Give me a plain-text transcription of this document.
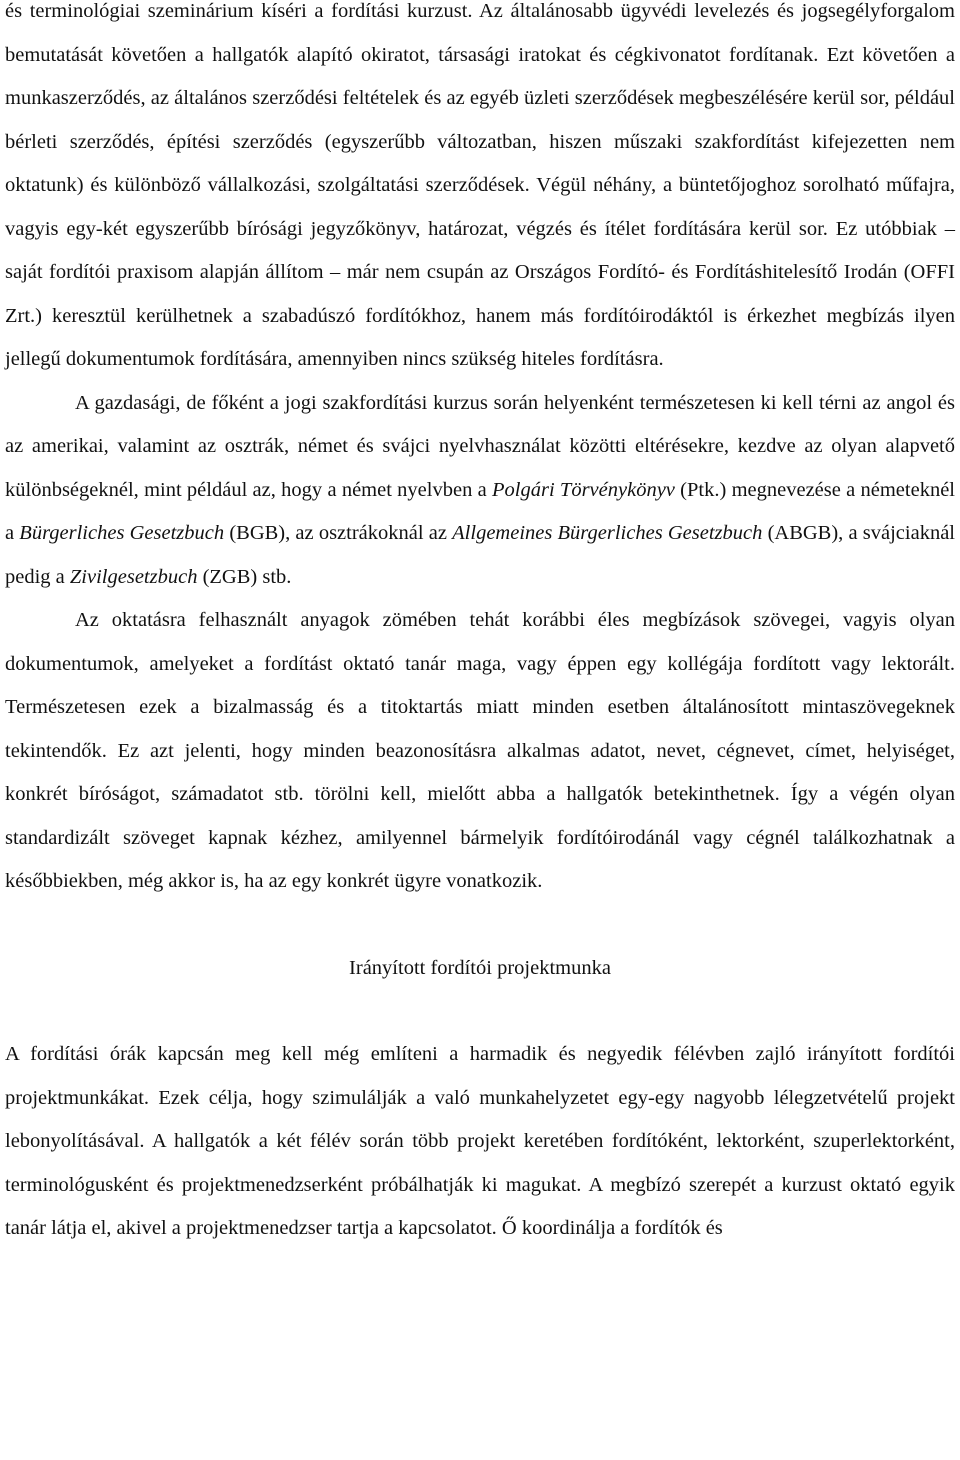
és terminológiai szeminárium kíséri a fordítási kurzust. Az általánosabb ügyvédi levelezés és jogsegélyforgalom bemutatását követően a hallgatók alapító okiratot, társasági iratokat és cégkivonatot fordítanak. Ezt követően a munkaszerződés, az általános szerződési feltételek és az egyéb üzleti szerződések megbeszélésére kerül sor, például bérleti szerződés, építési szerződés (egyszerűbb változatban, hiszen műszaki szakfordítást kifejezetten nem oktatunk) és különböző vállalkozási, szolgáltatási szerződések. Végül néhány, a büntetőjoghoz sorolható műfajra, vagyis egy-két egyszerűbb bírósági jegyzőkönyv, határozat, végzés és ítélet fordítására kerül sor. Ez utóbbiak – saját fordítói praxisom alapján állítom – már nem csupán az Országos Fordító- és Fordításhitelesítő Irodán (OFFI Zrt.) keresztül kerülhetnek a szabadúszó fordítókhoz, hanem más fordítóirodáktól is érkezhet megbízás ilyen jellegű dokumentumok fordítására, amennyiben nincs szükség hiteles fordításra.

A gazdasági, de főként a jogi szakfordítási kurzus során helyenként természetesen ki kell térni az angol és az amerikai, valamint az osztrák, német és svájci nyelvhasználat közötti eltérésekre, kezdve az olyan alapvető különbségeknél, mint például az, hogy a német nyelvben a Polgári Törvénykönyv (Ptk.) megnevezése a németeknél a Bürgerliches Gesetzbuch (BGB), az osztrákoknál az Allgemeines Bürgerliches Gesetzbuch (ABGB), a svájciaknál pedig a Zivilgesetzbuch (ZGB) stb.

Az oktatásra felhasznált anyagok zömében tehát korábbi éles megbízások szövegei, vagyis olyan dokumentumok, amelyeket a fordítást oktató tanár maga, vagy éppen egy kollégája fordított vagy lektorált. Természetesen ezek a bizalmasság és a titoktartás miatt minden esetben általánosított mintaszövegeknek tekintendők. Ez azt jelenti, hogy minden beazonosításra alkalmas adatot, nevet, cégnevet, címet, helyiséget, konkrét bíróságot, számadatot stb. törölni kell, mielőtt abba a hallgatók betekinthetnek. Így a végén olyan standardizált szöveget kapnak kézhez, amilyennel bármelyik fordítóirodánál vagy cégnél találkozhatnak a későbbiekben, még akkor is, ha az egy konkrét ügyre vonatkozik.

Irányított fordítói projektmunka

A fordítási órák kapcsán meg kell még említeni a harmadik és negyedik félévben zajló irányított fordítói projektmunkákat. Ezek célja, hogy szimulálják a való munkahelyzetet egy-egy nagyobb lélegzetvételű projekt lebonyolításával. A hallgatók a két félév során több projekt keretében fordítóként, lektorként, szuperlektorként, terminológusként és projektmenedzserként próbálhatják ki magukat. A megbízó szerepét a kurzust oktató egyik tanár látja el, akivel a projektmenedzser tartja a kapcsolatot. Ő koordinálja a fordítók és
